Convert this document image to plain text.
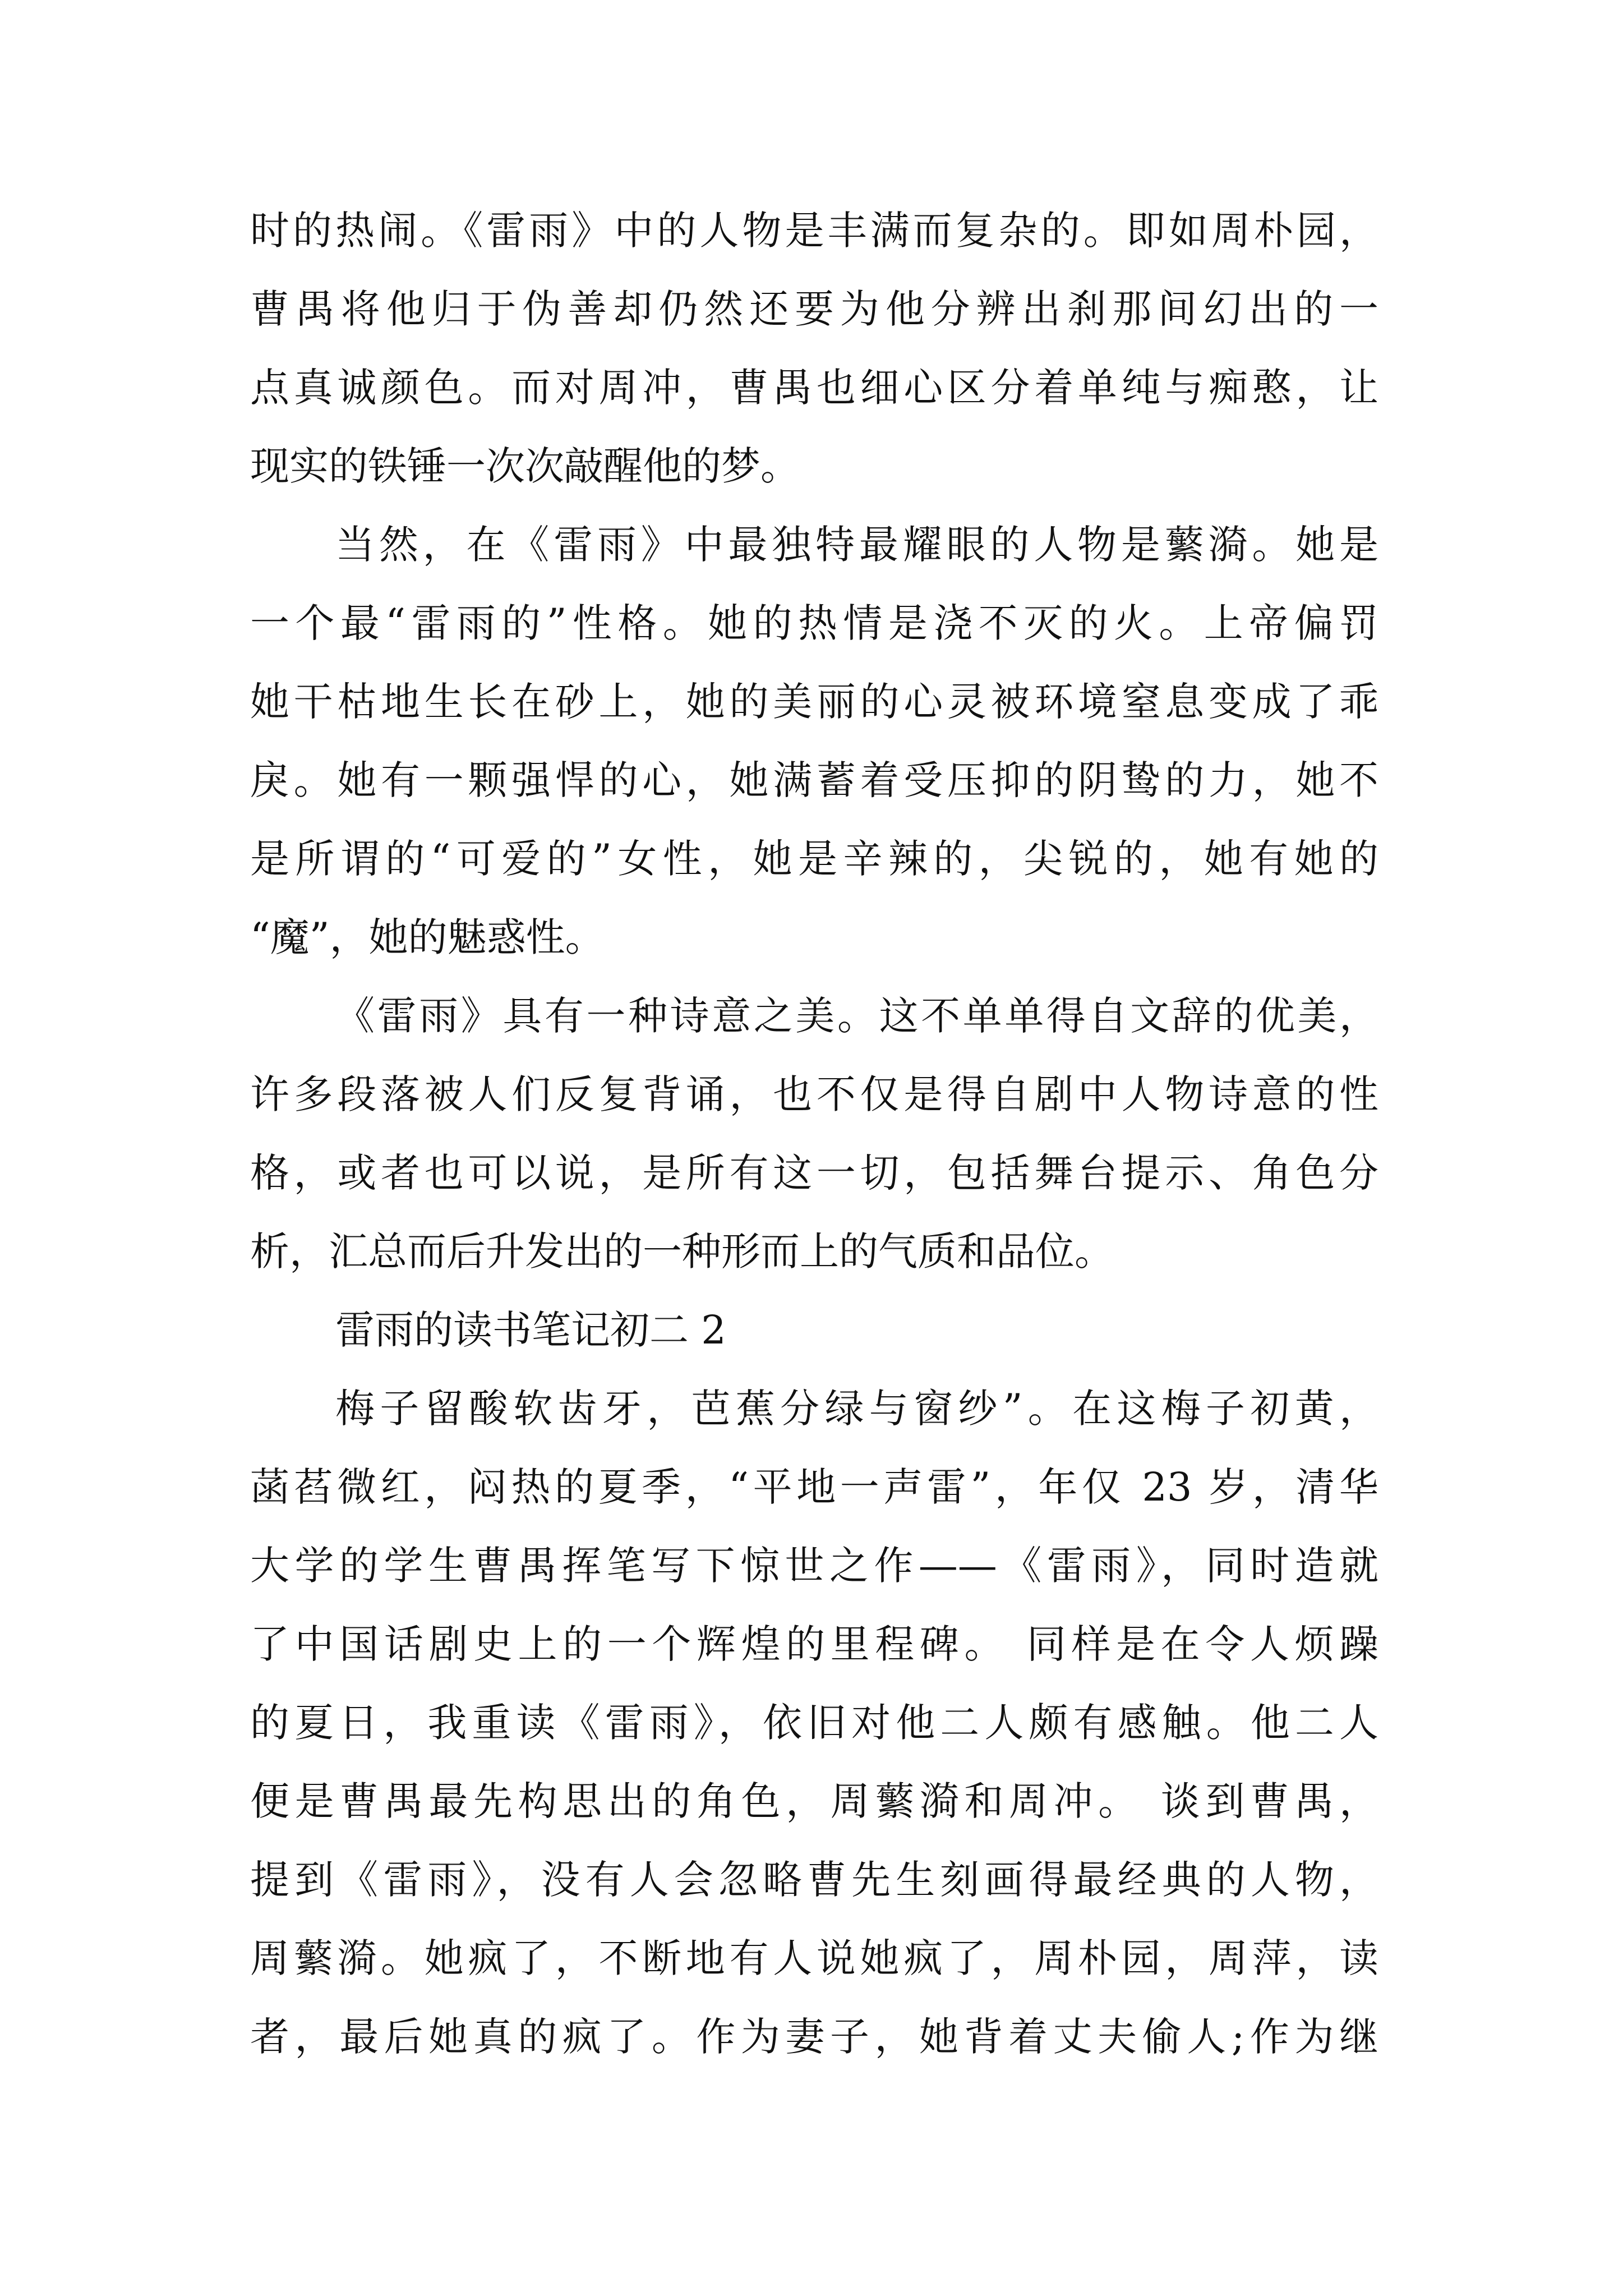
时的热闹。《雷雨》中的人物是丰满而复杂的。即如周朴园，
曹禺将他归于伪善却仍然还要为他分辨出刹那间幻出的一
点真诚颜色。而对周冲，曹禺也细心区分着单纯与痴憨，让
现实的铁锤一次次敲醒他的梦。
当然，在《雷雨》中最独特最耀眼的人物是蘩漪。她是
一个最“雷雨的”性格。她的热情是浇不灭的火。上帝偏罚
她干枯地生长在砂上，她的美丽的心灵被环境窒息变成了乖
戾。她有一颗强悍的心，她满蓄着受压抑的阴鸷的力，她不
是所谓的“可爱的”女性，她是辛辣的，尖锐的，她有她的
“魔”，她的魅惑性。
《雷雨》具有一种诗意之美。这不单单得自文辞的优美，
许多段落被人们反复背诵，也不仅是得自剧中人物诗意的性
格，或者也可以说，是所有这一切，包括舞台提示、角色分
析，汇总而后升发出的一种形而上的气质和品位。
雷雨的读书笔记初二 2
梅子留酸软齿牙，芭蕉分绿与窗纱”。在这梅子初黄，
菡萏微红，闷热的夏季，“平地一声雷”，年仅 23 岁，清华
大学的学生曹禺挥笔写下惊世之作——《雷雨》，同时造就
了中国话剧史上的一个辉煌的里程碑。 同样是在令人烦躁
的夏日，我重读《雷雨》，依旧对他二人颇有感触。他二人
便是曹禺最先构思出的角色，周蘩漪和周冲。 谈到曹禺，
提到《雷雨》，没有人会忽略曹先生刻画得最经典的人物，
周蘩漪。她疯了，不断地有人说她疯了，周朴园，周萍，读
者，最后她真的疯了。作为妻子，她背着丈夫偷人;作为继
